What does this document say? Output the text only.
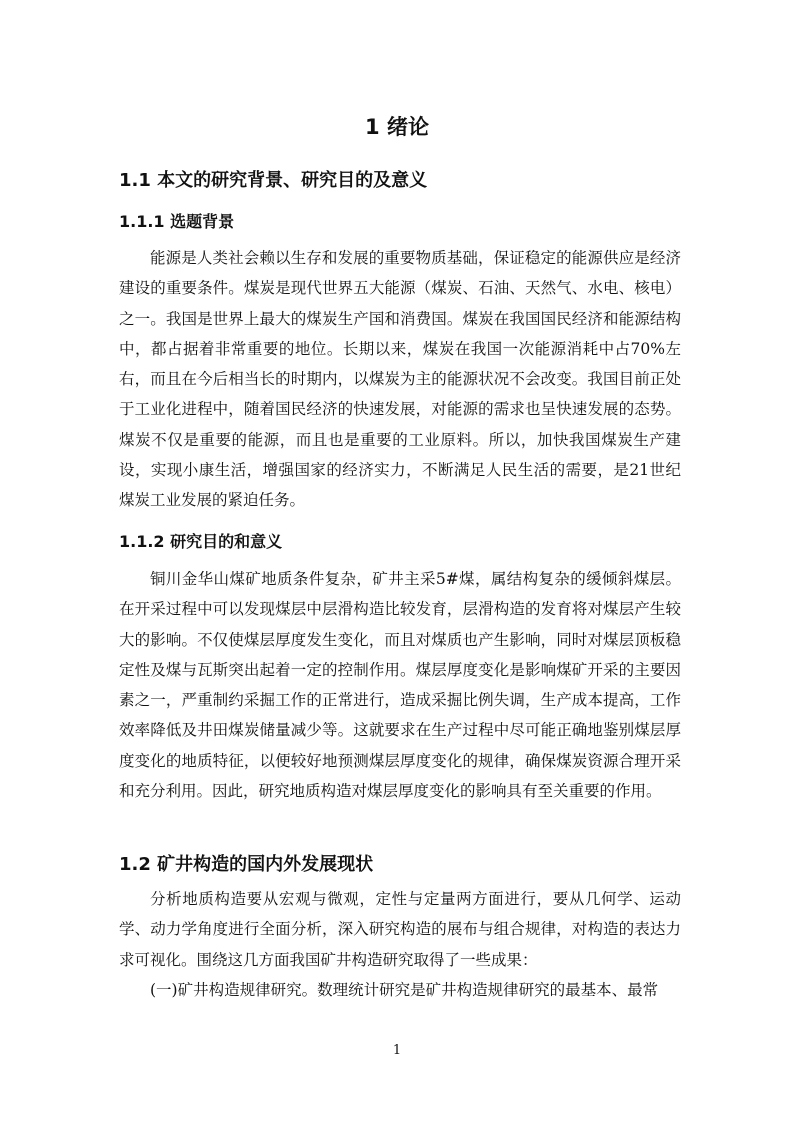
1 绪论
1.1 本文的研究背景、研究目的及意义
1.1.1 选题背景

能源是人类社会赖以生存和发展的重要物质基础，保证稳定的能源供应是经济建设的重要条件。煤炭是现代世界五大能源（煤炭、石油、天然气、水电、核电）之一。我国是世界上最大的煤炭生产国和消费国。煤炭在我国国民经济和能源结构中，都占据着非常重要的地位。长期以来，煤炭在我国一次能源消耗中占70%左右，而且在今后相当长的时期内，以煤炭为主的能源状况不会改变。我国目前正处于工业化进程中，随着国民经济的快速发展，对能源的需求也呈快速发展的态势。煤炭不仅是重要的能源，而且也是重要的工业原料。所以，加快我国煤炭生产建设，实现小康生活，增强国家的经济实力，不断满足人民生活的需要，是21世纪煤炭工业发展的紧迫任务。

1.1.2 研究目的和意义

铜川金华山煤矿地质条件复杂，矿井主采5#煤，属结构复杂的缓倾斜煤层。在开采过程中可以发现煤层中层滑构造比较发育，层滑构造的发育将对煤层产生较大的影响。不仅使煤层厚度发生变化，而且对煤质也产生影响，同时对煤层顶板稳定性及煤与瓦斯突出起着一定的控制作用。煤层厚度变化是影响煤矿开采的主要因素之一，严重制约采掘工作的正常进行，造成采掘比例失调，生产成本提高，工作效率降低及井田煤炭储量减少等。这就要求在生产过程中尽可能正确地鉴别煤层厚度变化的地质特征，以便较好地预测煤层厚度变化的规律，确保煤炭资源合理开采和充分利用。因此，研究地质构造对煤层厚度变化的影响具有至关重要的作用。

1.2 矿井构造的国内外发展现状

分析地质构造要从宏观与微观，定性与定量两方面进行，要从几何学、运动学、动力学角度进行全面分析，深入研究构造的展布与组合规律，对构造的表达力求可视化。围绕这几方面我国矿井构造研究取得了一些成果：

(一)矿井构造规律研究。数理统计研究是矿井构造规律研究的最基本、最常

1
